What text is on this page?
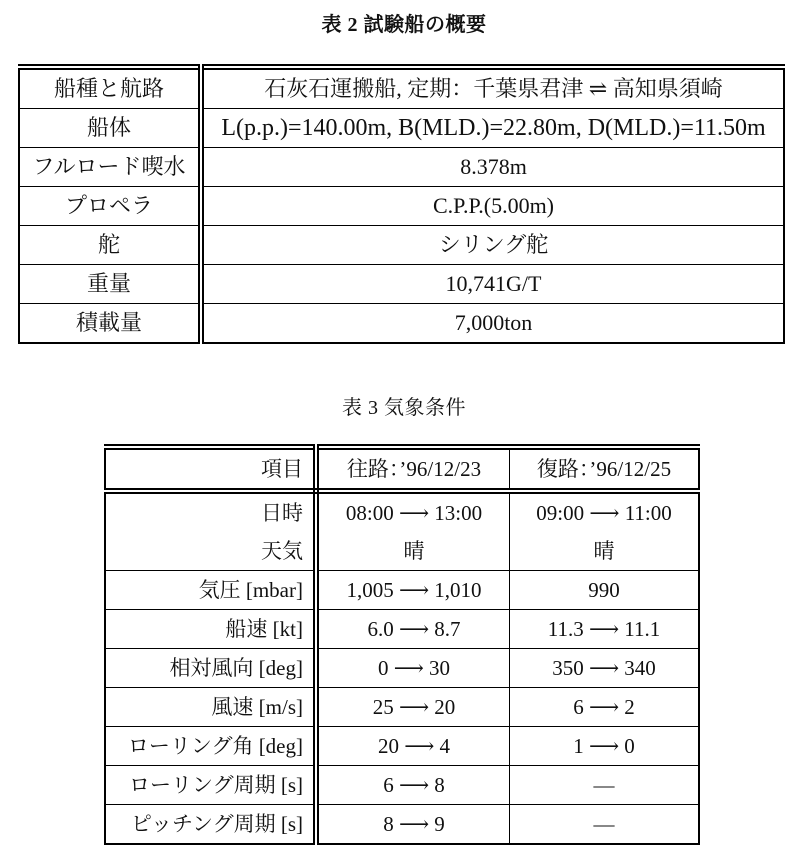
表 2 試験船の概要
船種と航路	石灰石運搬船, 定期：千葉県君津 ⇌ 高知県須崎
船体	L(p.p.)=140.00m, B(MLD.)=22.80m, D(MLD.)=11.50m
フルロード喫水	8.378m
プロペラ	C.P.P.(5.00m)
舵	シリング舵
重量	10,741G/T
積載量	7,000ton
表 3 気象条件
項目	往路：’96/12/23	復路：’96/12/25
日時	08:00 ⟶ 13:00	09:00 ⟶ 11:00
天気	晴	晴
気圧 [mbar]	1,005 ⟶ 1,010	990
船速 [kt]	6.0 ⟶ 8.7	11.3 ⟶ 11.1
相対風向 [deg]	0 ⟶ 30	350 ⟶ 340
風速 [m/s]	25 ⟶ 20	6 ⟶ 2
ローリング角 [deg]	20 ⟶ 4	1 ⟶ 0
ローリング周期 [s]	6 ⟶ 8	—
ピッチング周期 [s]	8 ⟶ 9	—
